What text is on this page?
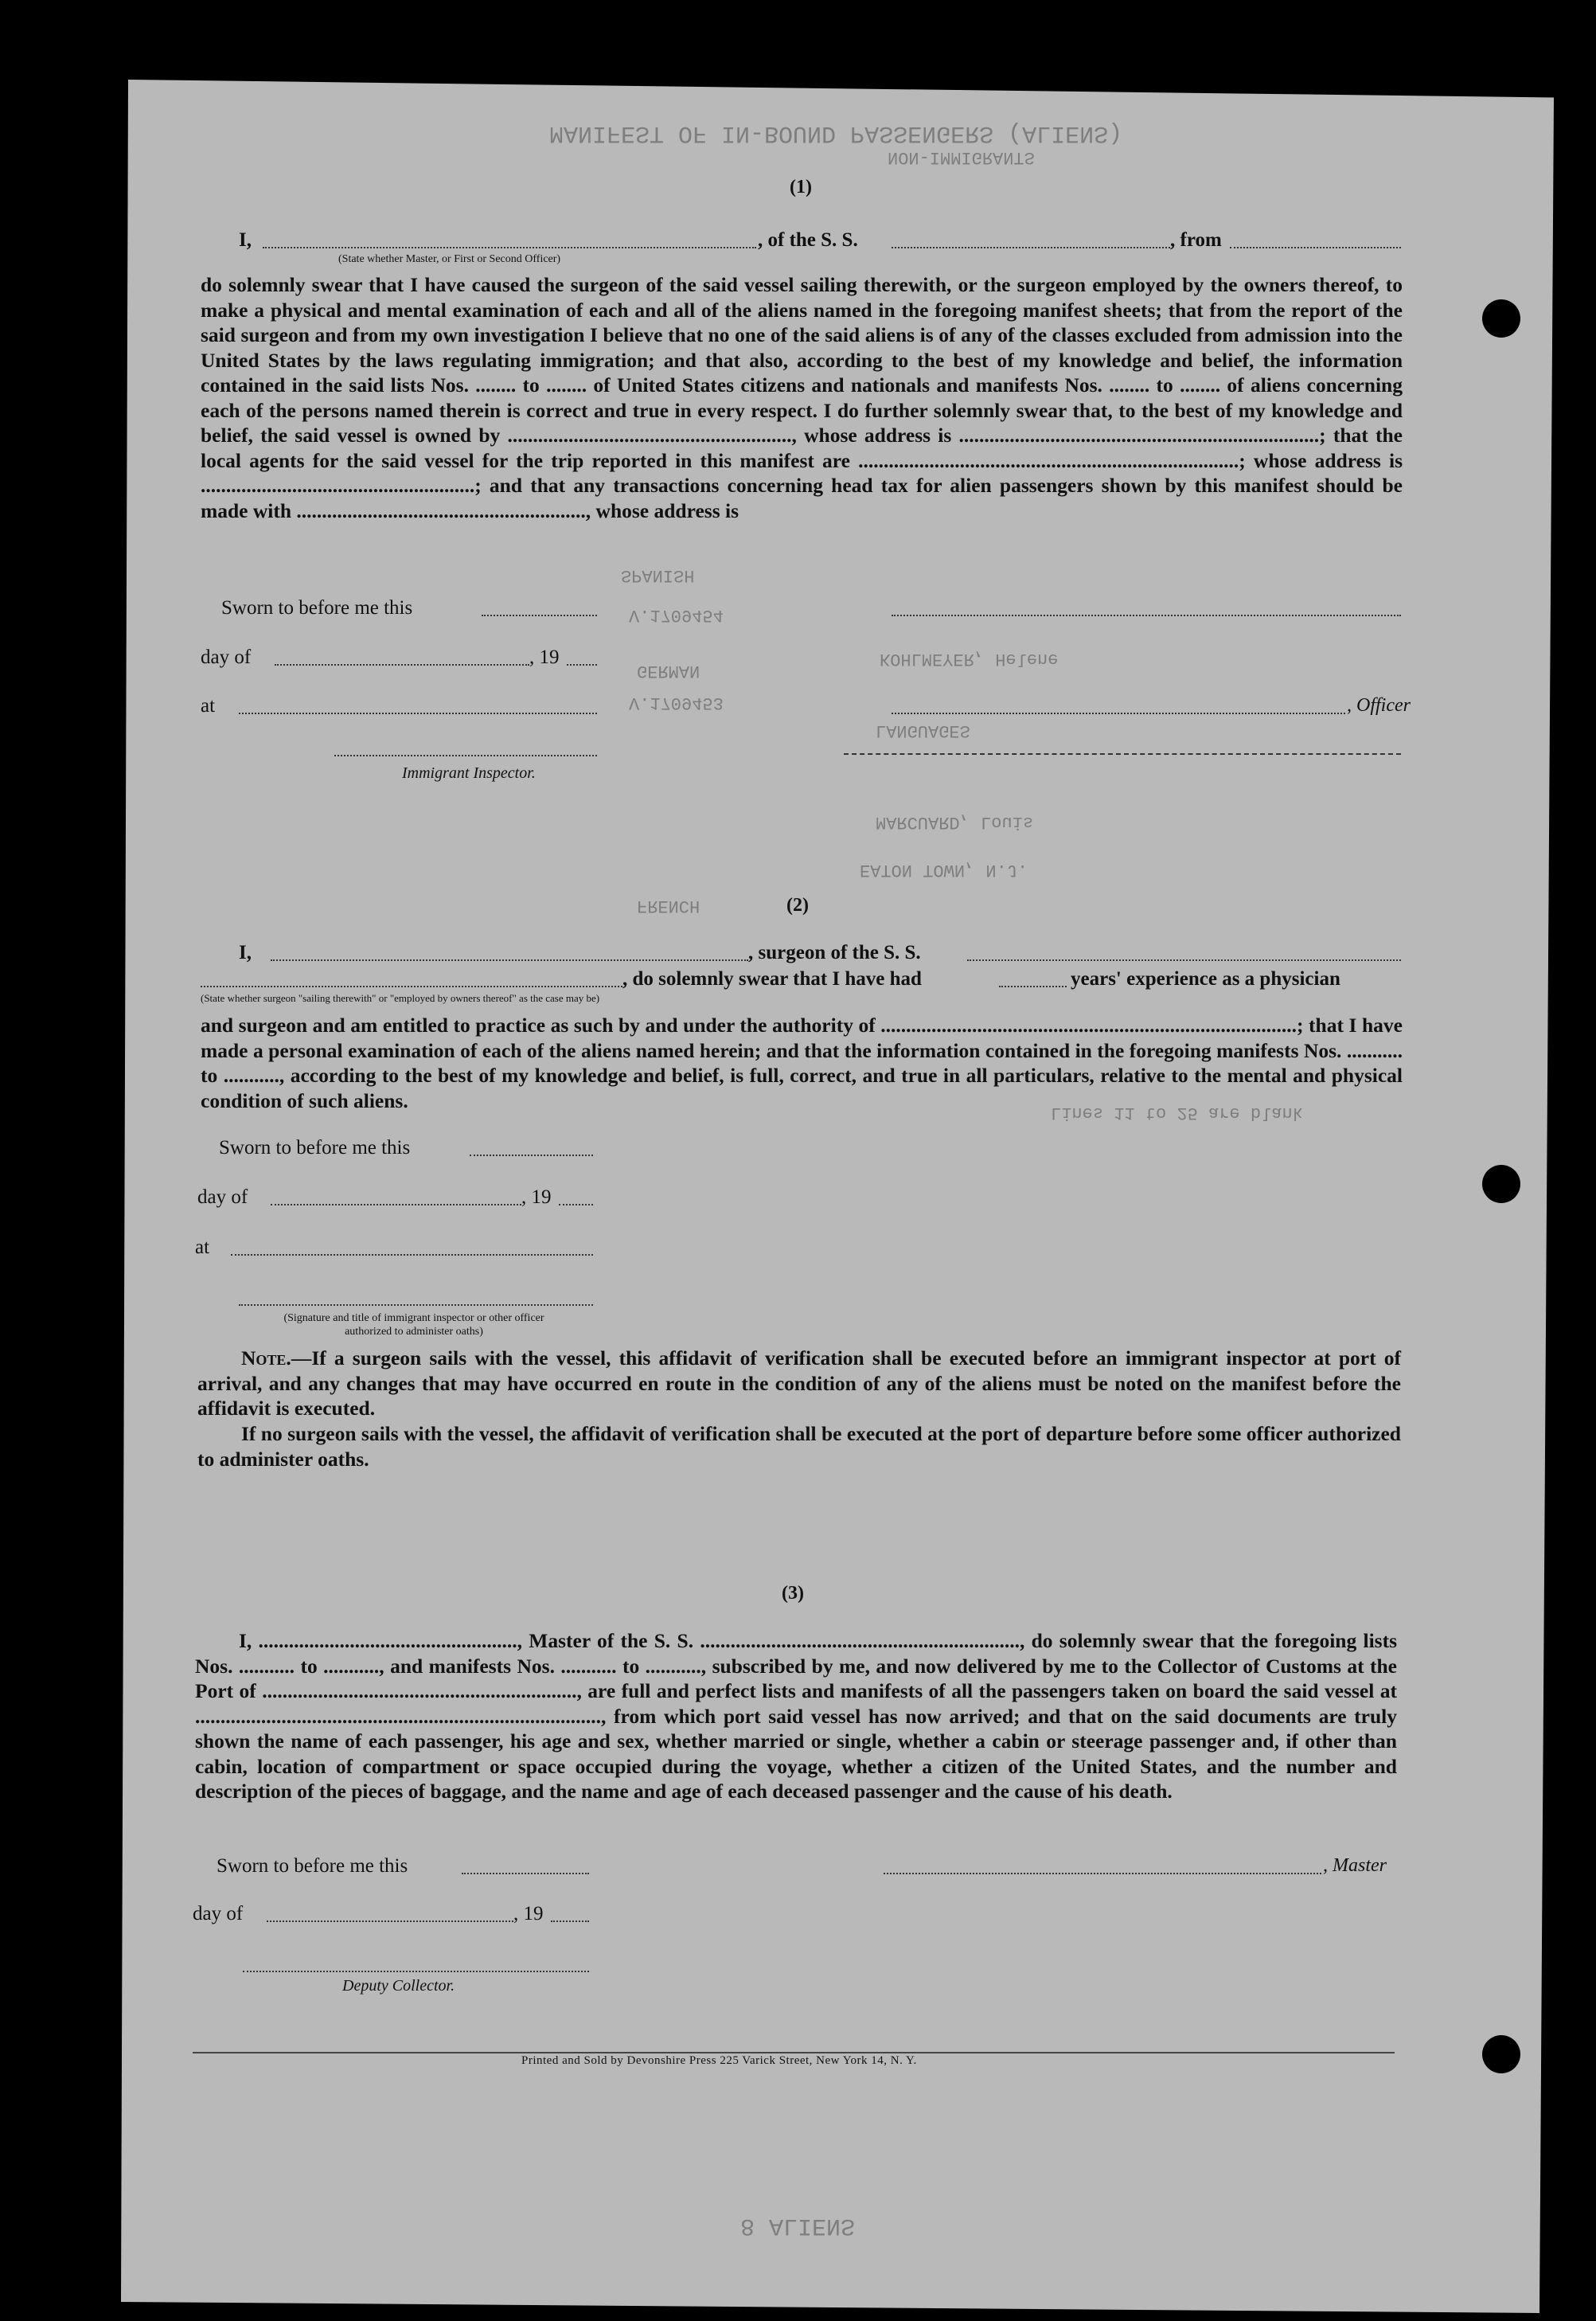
MANIFEST OF IN-BOUND PASSENGERS (ALIENS)
NON-IMMIGRANTS
SPANISH
V.1709454
GERMAN
V.1709453
KOHLMEYER, Helene
LANGUAGES
MARCUARD, Louis
EATON TOWN, N.J.
FRENCH
Lines 11 to 25 are blank
8 ALIENS
(1)
I,	, of the S. S.	, from
(State whether Master, or First or Second Officer)
do solemnly swear that I have caused the surgeon of the said vessel sailing therewith, or the surgeon employed by the owners thereof, to make a physical and mental examination of each and all of the aliens named in the foregoing manifest sheets; that from the report of the said surgeon and from my own investigation I believe that no one of the said aliens is of any of the classes excluded from admission into the United States by the laws regulating immigration; and that also, according to the best of my knowledge and belief, the information contained in the said lists Nos. ........ to ........ of United States citizens and nationals and manifests Nos. ........ to ........ of aliens concerning each of the persons named therein is correct and true in every respect. I do further solemnly swear that, to the best of my knowledge and belief, the said vessel is owned by ........................................................, whose address is .......................................................................; that the local agents for the said vessel for the trip reported in this manifest are ...........................................................................; whose address is ......................................................; and that any transactions concerning head tax for alien passengers shown by this manifest should be made with ........................................................., whose address is
Sworn to before me this
day of	, 19
at	, Officer
Immigrant Inspector.
(2)
I,	, surgeon of the S. S.
, do solemnly swear that I have had	years' experience as a physician
(State whether surgeon "sailing therewith" or "employed by owners thereof" as the case may be)
and surgeon and am entitled to practice as such by and under the authority of ..................................................................................; that I have made a personal examination of each of the aliens named herein; and that the information contained in the foregoing manifests Nos. ........... to ..........., according to the best of my knowledge and belief, is full, correct, and true in all particulars, relative to the mental and physical condition of such aliens.
Sworn to before me this
day of	, 19
at
(Signature and title of immigrant inspector or other officer authorized to administer oaths)
Note.—If a surgeon sails with the vessel, this affidavit of verification shall be executed before an immigrant inspector at port of arrival, and any changes that may have occurred en route in the condition of any of the aliens must be noted on the manifest before the affidavit is executed.
If no surgeon sails with the vessel, the affidavit of verification shall be executed at the port of departure before some officer authorized to administer oaths.
(3)
I, ..................................................., Master of the S. S. ..............................................................., do solemnly swear that the foregoing lists Nos. ........... to ..........., and manifests Nos. ........... to ..........., subscribed by me, and now delivered by me to the Collector of Customs at the Port of .............................................................., are full and perfect lists and manifests of all the passengers taken on board the said vessel at ................................................................................, from which port said vessel has now arrived; and that on the said documents are truly shown the name of each passenger, his age and sex, whether married or single, whether a cabin or steerage passenger and, if other than cabin, location of compartment or space occupied during the voyage, whether a citizen of the United States, and the number and description of the pieces of baggage, and the name and age of each deceased passenger and the cause of his death.
Sworn to before me this	, Master
day of	, 19
Deputy Collector.
Printed and Sold by Devonshire Press 225 Varick Street, New York 14, N. Y.
